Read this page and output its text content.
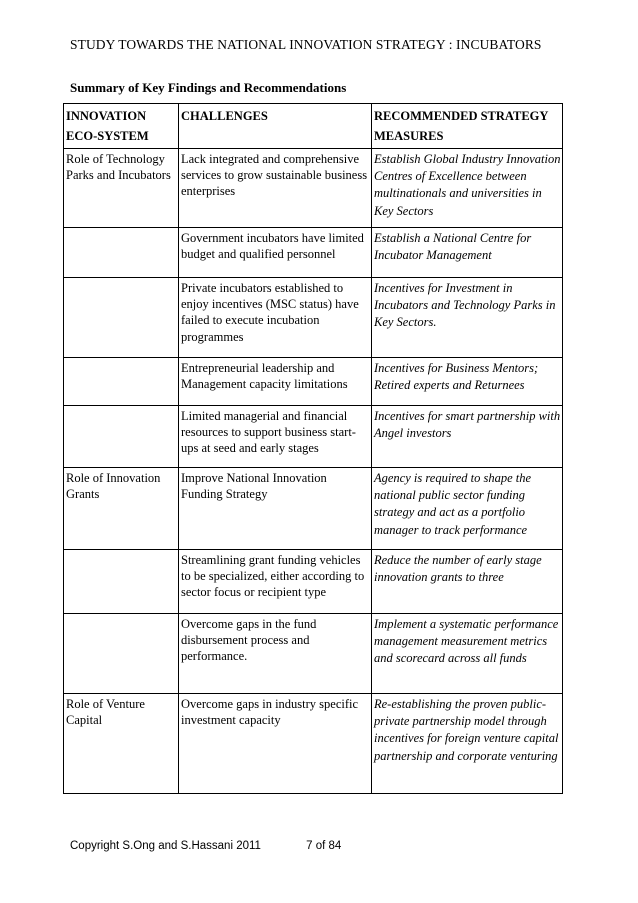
STUDY TOWARDS THE NATIONAL INNOVATION STRATEGY : INCUBATORS
Summary of Key Findings and Recommendations
INNOVATION ECO-SYSTEM	CHALLENGES	RECOMMENDED STRATEGY MEASURES
Role of Technology Parks and Incubators	Lack integrated and comprehensive services to grow sustainable business enterprises	Establish Global Industry Innovation Centres of Excellence between multinationals and universities in Key Sectors
	Government incubators have limited budget and qualified personnel	Establish a National Centre for Incubator Management
	Private incubators established to enjoy incentives (MSC status) have failed to execute incubation programmes	Incentives for Investment in Incubators and Technology Parks in Key Sectors.
	Entrepreneurial leadership and Management capacity limitations	Incentives for Business Mentors; Retired experts and Returnees
	Limited managerial and financial resources to support business start-ups at seed and early stages	Incentives for smart partnership with Angel investors
Role of Innovation Grants	Improve National Innovation Funding Strategy	Agency is required to shape the national public sector funding strategy and act as a portfolio manager to track performance
	Streamlining grant funding vehicles to be specialized, either according to sector focus or recipient type	Reduce the number of early stage innovation grants to three
	Overcome gaps in the fund disbursement process and performance.	Implement a systematic performance management measurement metrics and scorecard across all funds
Role of Venture Capital	Overcome gaps in industry specific investment capacity	Re-establishing the proven public-private partnership model through incentives for foreign venture capital partnership and corporate venturing
Copyright S.Ong and S.Hassani 2011	7 of 84
